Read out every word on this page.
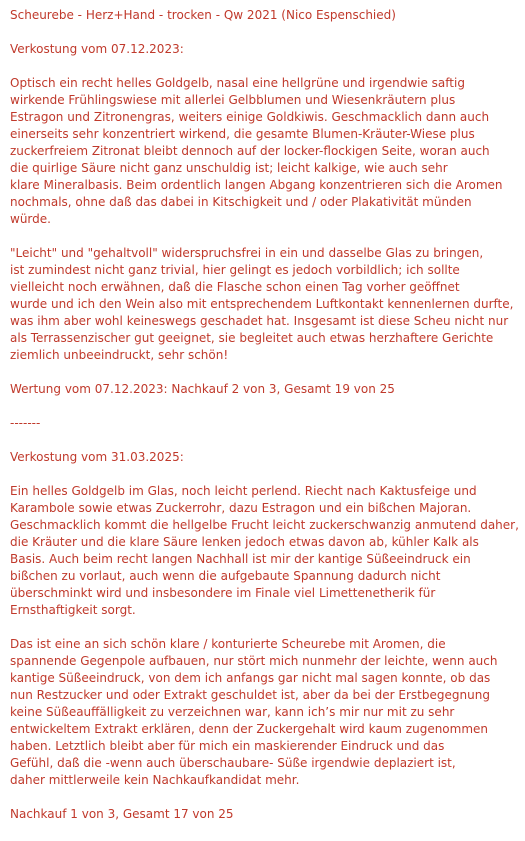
Scheurebe - Herz+Hand - trocken - Qw 2021 (Nico Espenschied)

Verkostung vom 07.12.2023:

Optisch ein recht helles Goldgelb, nasal eine hellgrüne und irgendwie saftig
wirkende Frühlingswiese mit allerlei Gelbblumen und Wiesenkräutern plus
Estragon und Zitronengras, weiters einige Goldkiwis. Geschmacklich dann auch
einerseits sehr konzentriert wirkend, die gesamte Blumen-Kräuter-Wiese plus
zuckerfreiem Zitronat bleibt dennoch auf der locker-flockigen Seite, woran auch
die quirlige Säure nicht ganz unschuldig ist; leicht kalkige, wie auch sehr
klare Mineralbasis. Beim ordentlich langen Abgang konzentrieren sich die Aromen
nochmals, ohne daß das dabei in Kitschigkeit und / oder Plakativität münden
würde.

"Leicht" und "gehaltvoll" widerspruchsfrei in ein und dasselbe Glas zu bringen,
ist zumindest nicht ganz trivial, hier gelingt es jedoch vorbildlich; ich sollte
vielleicht noch erwähnen, daß die Flasche schon einen Tag vorher geöffnet
wurde und ich den Wein also mit entsprechendem Luftkontakt kennenlernen durfte,
was ihm aber wohl keineswegs geschadet hat. Insgesamt ist diese Scheu nicht nur
als Terrassenzischer gut geeignet, sie begleitet auch etwas herzhaftere Gerichte
ziemlich unbeeindruckt, sehr schön!

Wertung vom 07.12.2023: Nachkauf 2 von 3, Gesamt 19 von 25

-------

Verkostung vom 31.03.2025:

Ein helles Goldgelb im Glas, noch leicht perlend. Riecht nach Kaktusfeige und
Karambole sowie etwas Zuckerrohr, dazu Estragon und ein bißchen Majoran.
Geschmacklich kommt die hellgelbe Frucht leicht zuckerschwanzig anmutend daher,
die Kräuter und die klare Säure lenken jedoch etwas davon ab, kühler Kalk als
Basis. Auch beim recht langen Nachhall ist mir der kantige Süßeeindruck ein
bißchen zu vorlaut, auch wenn die aufgebaute Spannung dadurch nicht
überschminkt wird und insbesondere im Finale viel Limettenetherik für
Ernsthaftigkeit sorgt.

Das ist eine an sich schön klare / konturierte Scheurebe mit Aromen, die
spannende Gegenpole aufbauen, nur stört mich nunmehr der leichte, wenn auch
kantige Süßeeindruck, von dem ich anfangs gar nicht mal sagen konnte, ob das
nun Restzucker und oder Extrakt geschuldet ist, aber da bei der Erstbegegnung
keine Süßeauffälligkeit zu verzeichnen war, kann ich’s mir nur mit zu sehr
entwickeltem Extrakt erklären, denn der Zuckergehalt wird kaum zugenommen
haben. Letztlich bleibt aber für mich ein maskierender Eindruck und das
Gefühl, daß die -wenn auch überschaubare- Süße irgendwie deplaziert ist,
daher mittlerweile kein Nachkaufkandidat mehr.

Nachkauf 1 von 3, Gesamt 17 von 25
